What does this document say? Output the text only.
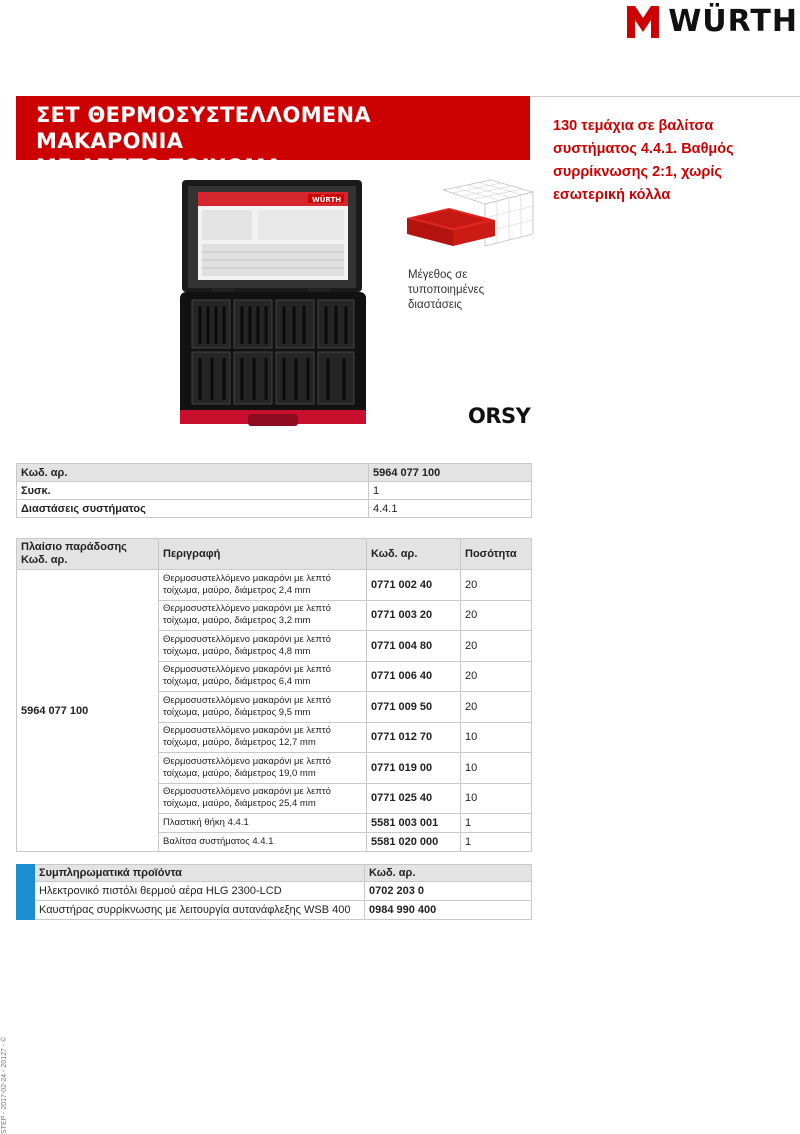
WÜRTH
ΣΕΤ ΘΕΡΜΟΣΥΣΤΕΛΛΟΜΕΝΑ ΜΑΚΑΡΟΝΙΑ
ΜΕ ΛΕΠΤΟ ΤΟΙΧΩΜΑ
130 τεμάχια σε βαλίτσα
συστήματος 4.4.1. Βαθμός
συρρίκνωσης 2:1, χωρίς
εσωτερική κόλλα
WÜRTH
Μέγεθος σε
τυποποιημένες
διαστάσεις
ORSY
Κωδ. αρ.	5964 077 100
Συσκ.	1
Διαστάσεις συστήματος	4.4.1
Πλαίσιο παράδοσης Κωδ. αρ.	Περιγραφή	Κωδ. αρ.	Ποσότητα
5964 077 100	Θερμοσυστελλόμενο μακαρόνι με λεπτό τοίχωμα, μαύρο, διάμετρος 2,4 mm	0771 002 40	20
	Θερμοσυστελλόμενο μακαρόνι με λεπτό τοίχωμα, μαύρο, διάμετρος 3,2 mm	0771 003 20	20
	Θερμοσυστελλόμενο μακαρόνι με λεπτό τοίχωμα, μαύρο, διάμετρος 4,8 mm	0771 004 80	20
	Θερμοσυστελλόμενο μακαρόνι με λεπτό τοίχωμα, μαύρο, διάμετρος 6,4 mm	0771 006 40	20
	Θερμοσυστελλόμενο μακαρόνι με λεπτό τοίχωμα, μαύρο, διάμετρος 9,5 mm	0771 009 50	20
	Θερμοσυστελλόμενο μακαρόνι με λεπτό τοίχωμα, μαύρο, διάμετρος 12,7 mm	0771 012 70	10
	Θερμοσυστελλόμενο μακαρόνι με λεπτό τοίχωμα, μαύρο, διάμετρος 19,0 mm	0771 019 00	10
	Θερμοσυστελλόμενο μακαρόνι με λεπτό τοίχωμα, μαύρο, διάμετρος 25,4 mm	0771 025 40	10
	Πλαστική θήκη 4.4.1	5581 003 001	1
	Βαλίτσα συστήματος 4.4.1	5581 020 000	1
	Συμπληρωματικά προϊόντα	Κωδ. αρ.
	Ηλεκτρονικό πιστόλι θερμού αέρα HLG 2300-LCD	0702 203 0
	Καυστήρας συρρίκνωσης με λειτουργία αυτανάφλεξης WSB 400	0984 990 400
STEP - 2017-02-24 - 20127 - ©
